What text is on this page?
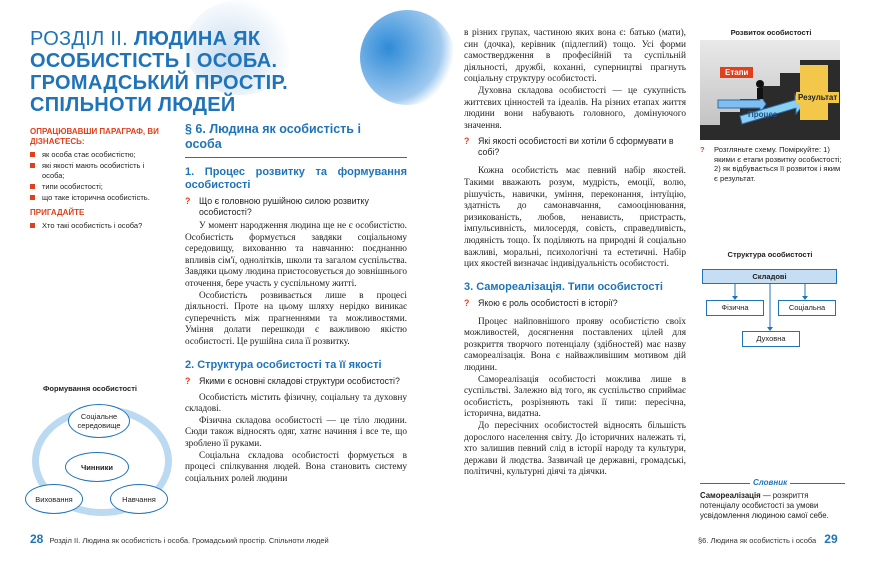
РОЗДІЛ II. ЛЮДИНА ЯК ОСОБИСТІСТЬ І ОСОБА. ГРОМАДСЬКИЙ ПРОСТІР. СПІЛЬНОТИ ЛЮДЕЙ
ОПРАЦЮВАВШИ ПАРАГРАФ, ВИ ДІЗНАЄТЕСЬ:
як особа стає особистістю;
які якості мають особистість і особа;
типи особистості;
що таке історична особистість.
ПРИГАДАЙТЕ
Хто такі особистість і особа?
Формування особистості
Чинники
Соціальне середовище
Виховання	Навчання
§ 6. Людина як особистість і особа
1. Процес розвитку та формування особистості
? Що є головною рушійною силою розвитку особистості?

У момент народження людина ще не є особистістю. Особистість формується завдяки соціальному середовищу, вихованню та навчанню: поєднанню впливів сім'ї, однолітків, школи та загалом суспільства. Завдяки цьому людина пристосовується до зовнішнього оточення, бере участь у суспільному житті.

Особистість розвивається лише в процесі діяльності. Проте на цьому шляху нерідко виникає суперечність між прагненнями та можливостями. Уміння долати перешкоди є важливою якістю особистості. Це рушійна сила її розвитку.

2. Структура особистості та її якості
? Якими є основні складові структури особистості?

Особистість містить фізичну, соціальну та духовну складові.

Фізична складова особистості — це тіло людини. Сюди також відносять одяг, хатнє начиння і все те, що зроблено її руками.

Соціальна складова особистості формується в процесі спілкування людей. Вона становить систему соціальних ролей людини

в різних групах, частиною яких вона є: батько (мати), син (дочка), керівник (підлеглий) тощо. Усі форми самоствердження в професійній та суспільній діяльності, дружбі, коханні, суперництві прагнуть соціальну структуру особистості.

Духовна складова особистості — це сукупність життєвих цінностей та ідеалів. На різних етапах життя людини вони набувають головного, домінуючого значення.

? Які якості особистості ви хотіли б сформувати в собі?

Кожна особистість має певний набір якостей. Такими вважають розум, мудрість, емоції, волю, рішучість, навички, уміння, переконання, інтуїцію, здатність до самонавчання, самооцінювання, ризикованість, любов, ненависть, пристрасть, імпульсивність, милосердя, совість, справедливість, людяність тощо. Їх поділяють на природні й соціально важливі, моральні, психологічні та естетичні. Набір цих якостей визначає індивідуальність особистості.

3. Самореалізація. Типи особистості
? Якою є роль особистості в історії?

Процес найповнішого прояву особистістю своїх можливостей, досягнення поставлених цілей для розкриття творчого потенціалу (здібностей) має назву самореалізація. Вона є найважливішим мотивом дій людини.

Самореалізація особистості можлива лише в суспільстві. Залежно від того, як суспільство сприймає особистість, розрізняють такі її типи: пересічна, історична, видатна.

До пересічних особистостей відносять більшість дорослого населення світу. До історичних належать ті, хто залишив певний слід в історії народу та культури, держави й людства. Зазвичай це державні, громадські, політичні, культурні діячі та діячки.

Розвиток особистості
Етапи
Процес
Результат
? Розгляньте схему. Поміркуйте: 1) якими є етапи розвитку особистості; 2) як відбувається її розвиток і яким є результат.
Структура особистості
Складові
Фізична	Соціальна
Духовна
Словник
Самореалізація — розкриття потенціалу особистості за умови усвідомлення людиною самої себе.
28 Розділ II. Людина як особистість і особа. Громадський простір. Спільноти людей	§6. Людина як особистість і особа 29
